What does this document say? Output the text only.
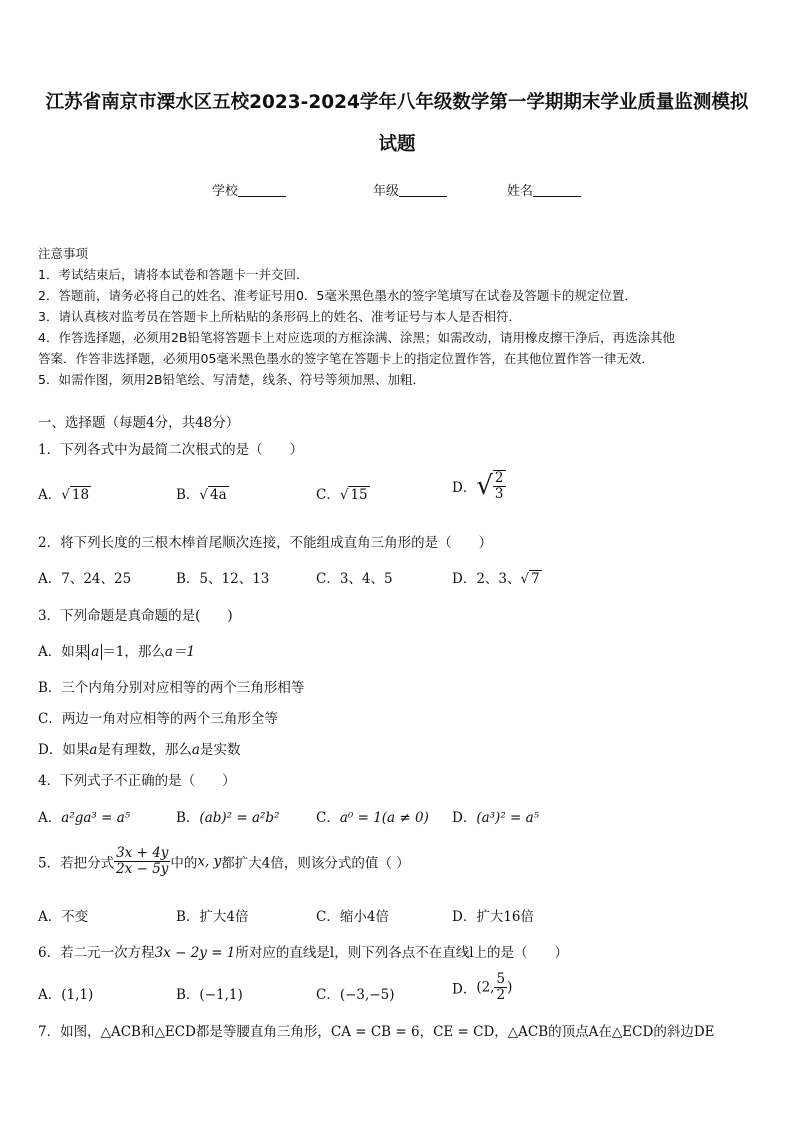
江苏省南京市溧水区五校2023-2024学年八年级数学第一学期期末学业质量监测模拟
试题
学校	年级	姓名
注意事项
1．考试结束后，请将本试卷和答题卡一并交回．
2．答题前，请务必将自己的姓名、准考证号用0．5毫米黑色墨水的签字笔填写在试卷及答题卡的规定位置．
3．请认真核对监考员在答题卡上所粘贴的条形码上的姓名、准考证号与本人是否相符．
4．作答选择题，必须用2B铅笔将答题卡上对应选项的方框涂满、涂黑；如需改动，请用橡皮擦干净后，再选涂其他
答案．作答非选择题，必须用05毫米黑色墨水的签字笔在答题卡上的指定位置作答，在其他位置作答一律无效．
5．如需作图，须用2B铅笔绘、写清楚，线条、符号等须加黑、加粗．
一、选择题（每题4分，共48分）
1．下列各式中为最简二次根式的是（　　）
A．√ 18	B．√ 4a	C．√ 15	D．√ $\frac{2}{3}$
2．将下列长度的三根木棒首尾顺次连接，不能组成直角三角形的是（　　）
A．7、24、25	B．5、12、13	C．3、4、5	D．2、3、√ 7
3．下列命题是真命题的是(　　)
A．如果 a ＝1，那么a＝1
B．三个内角分别对应相等的两个三角形相等
C．两边一角对应相等的两个三角形全等
D．如果a是有理数，那么a是实数
4．下列式子不正确的是（　　）
A．a²ga³ = a⁵	B．(ab)² = a²b²	C．a⁰ = 1(a ≠ 0) D．(a³)² = a⁵
5．若把分式 $\frac{3x + 4y}{2x - 5y}$ 中的x, y都扩大4倍，则该分式的值（ ）
A．不变	B．扩大4倍	C．缩小4倍	D．扩大16倍
6．若二元一次方程3x − 2y = 1所对应的直线是l，则下列各点不在直线l上的是（　　）
A．(1,1)	B．(−1,1)	C．(−3,−5)	D．(2, $\frac{5}{2}$ )
7．如图，△ACB和△ECD都是等腰直角三角形，CA = CB = 6，CE = CD，△ACB的顶点A在△ECD的斜边DE
